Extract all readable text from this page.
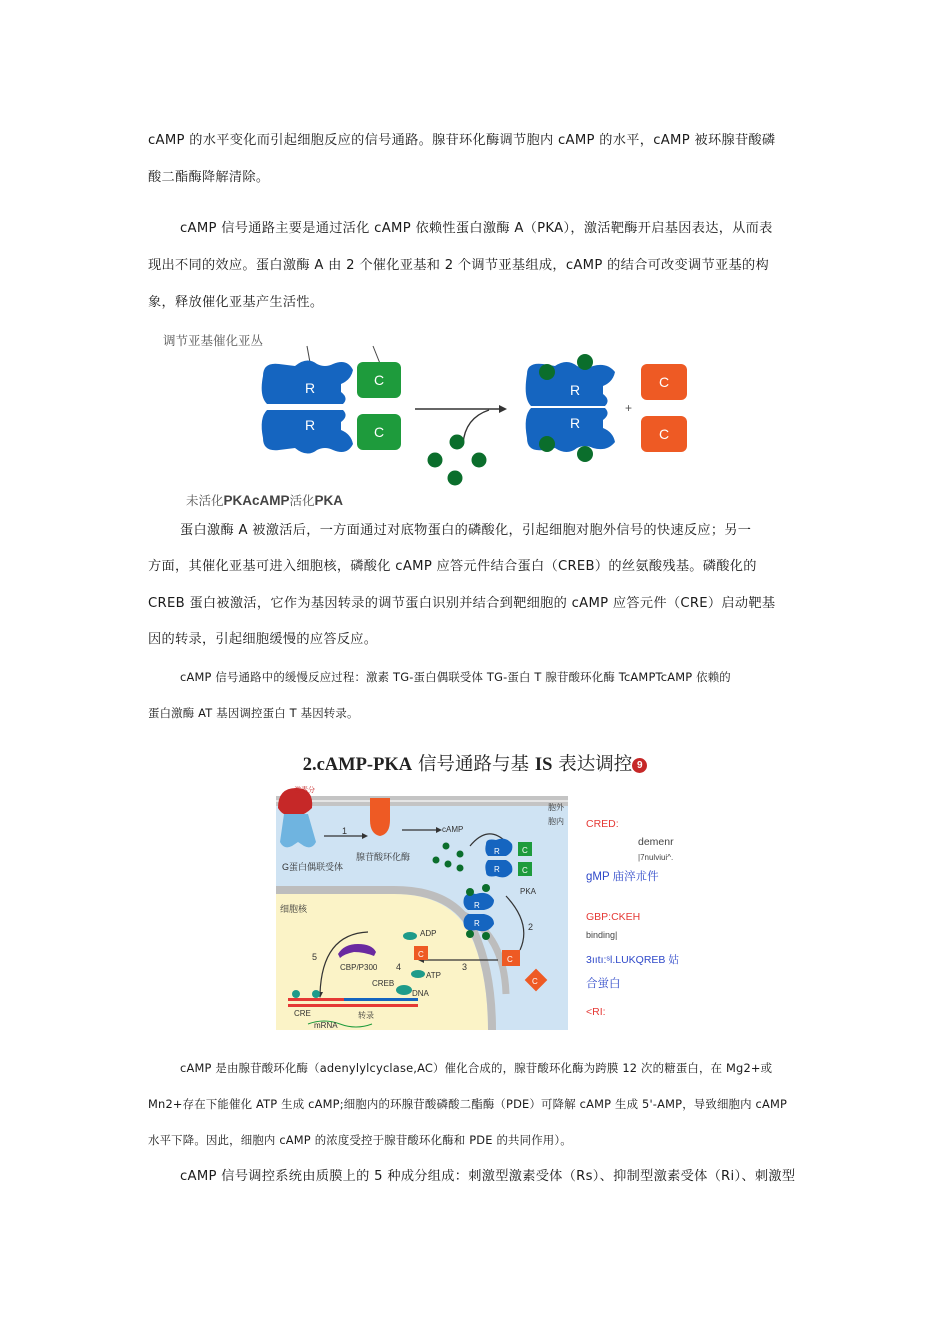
cAMP 的水平变化而引起细胞反应的信号通路。腺苷环化酶调节胞内 cAMP 的水平，cAMP 被环腺苷酸磷
酸二酯酶降解清除。
cAMP 信号通路主要是通过活化 cAMP 依赖性蛋白激酶 A（PKA），激活靶酶开启基因表达，从而表
现出不同的效应。蛋白激酶 A 由 2 个催化亚基和 2 个调节亚基组成，cAMP 的结合可改变调节亚基的构
象，释放催化亚基产生活性。
调节亚基催化亚丛
R
R
C
C
R
R
+
C
C
未活化PKAcAMP活化PKA
蛋白激酶 A 被激活后，一方面通过对底物蛋白的磷酸化，引起细胞对胞外信号的快速反应；另一
方面，其催化亚基可进入细胞核，磷酸化 cAMP 应答元件结合蛋白（CREB）的丝氨酸残基。磷酸化的
CREB 蛋白被激活，它作为基因转录的调节蛋白识别并结合到靶细胞的 cAMP 应答元件（CRE）启动靶基
因的转录，引起细胞缓慢的应答反应。
cAMP 信号通路中的缓慢反应过程：激素 TG-蛋白偶联受体 TG-蛋白 T 腺苷酸环化酶 TcAMPTcAMP 依赖的
蛋白激酶 AT 基因调控蛋白 T 基因转录。
2.cAMP-PKA 信号通路与基 IS 表达调控 9
G蛋白偶联受体
激素分
腺苷酸环化酶
1	cAMP
R
R
C
C
PKA
胞外
胞内
R
R	2
C
C
3
C
ADP
ATP
4
细胞核
CBP/P300
5
CREB
DNA
CRE	转录
mRNA
CRED:
demenr
|7nulviui^.
gMP 庙淬朮件
GBP:CKEH
binding|
3ııtı:ˢl.LUKQREB 姑
合蛍白
<RI:
cAMP 是由腺苷酸环化酶（adenylylcyclase,AC）催化合成的，腺苷酸环化酶为跨膜 12 次的糖蛋白，在 Mg2+或
Mn2+存在下能催化 ATP 生成 cAMP;细胞内的环腺苷酸磷酸二酯酶（PDE）可降解 cAMP 生成 5'-AMP，导致细胞内 cAMP
水平下降。因此，细胞内 cAMP 的浓度受控于腺苷酸环化酶和 PDE 的共同作用）。
cAMP 信号调控系统由质膜上的 5 种成分组成：刺激型激素受体（Rs）、抑制型激素受体（Ri）、刺激型
